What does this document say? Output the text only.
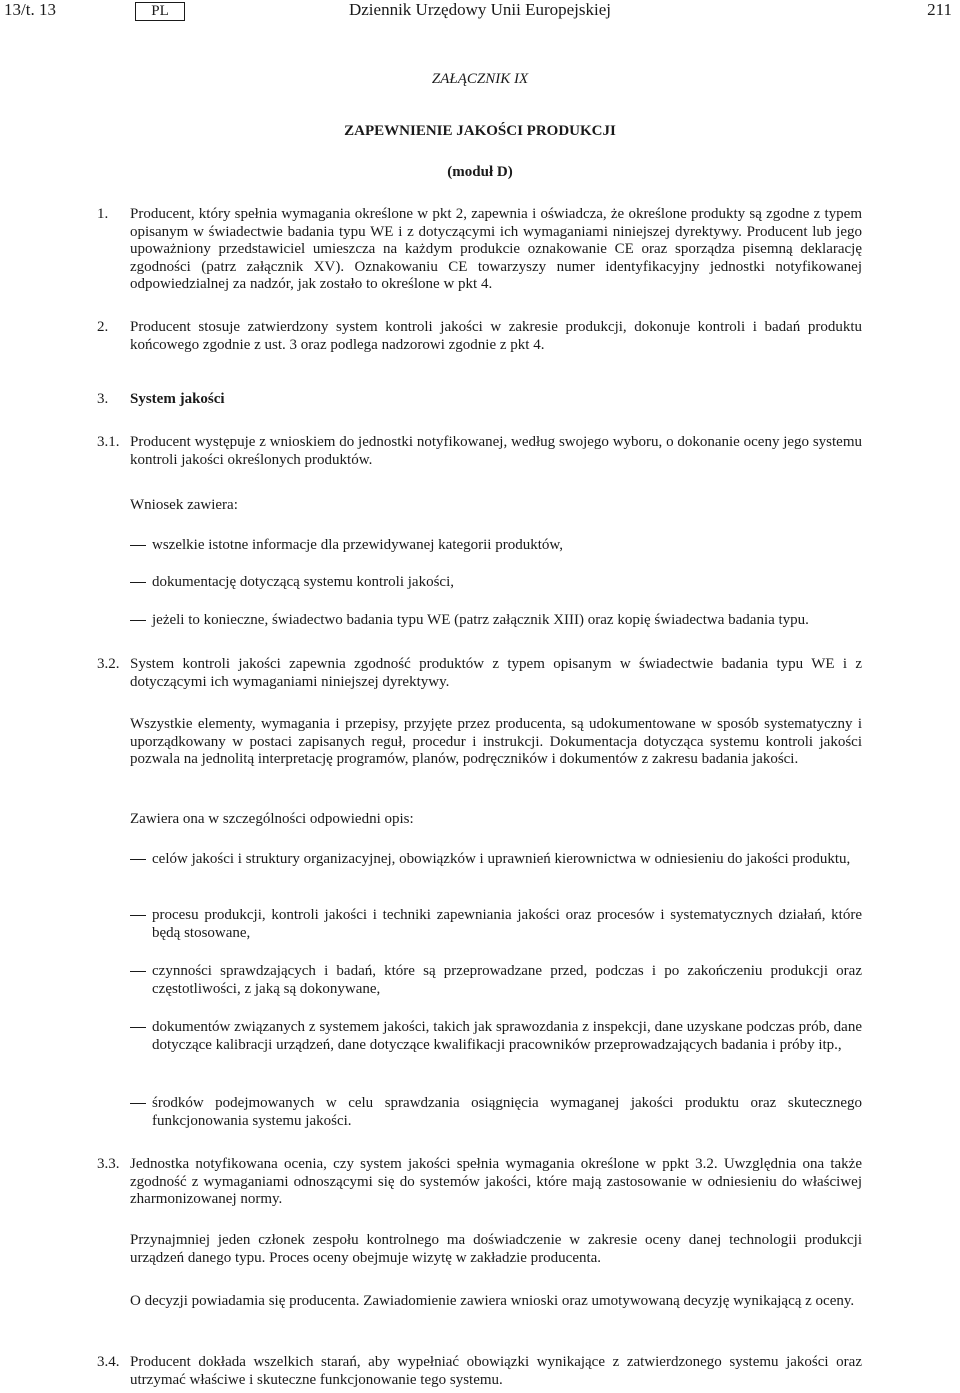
13/t. 13	Dziennik Urzędowy Unii Europejskiej
PL	211
ZAŁĄCZNIK IX
ZAPEWNIENIE JAKOŚCI PRODUKCJI
(moduł D)
1. Producent, który spełnia wymagania określone w pkt 2, zapewnia i oświadcza, że określone produkty są zgodne z typem opisanym w świadectwie badania typu WE i z dotyczącymi ich wymaganiami niniejszej dyrektywy. Producent lub jego upoważniony przedstawiciel umieszcza na każdym produkcie oznakowanie CE oraz sporządza pisemną deklarację zgodności (patrz załącznik XV). Oznakowaniu CE towarzyszy numer identyfikacyjny jednostki notyfikowanej odpowiedzialnej za nadzór, jak zostało to określone w pkt 4.

2. Producent stosuje zatwierdzony system kontroli jakości w zakresie produkcji, dokonuje kontroli i badań produktu końcowego zgodnie z ust. 3 oraz podlega nadzorowi zgodnie z pkt 4.

3. System jakości

3.1. Producent występuje z wnioskiem do jednostki notyfikowanej, według swojego wyboru, o dokonanie oceny jego systemu kontroli jakości określonych produktów.

Wniosek zawiera:

wszelkie istotne informacje dla przewidywanej kategorii produktów,
dokumentację dotyczącą systemu kontroli jakości,
jeżeli to konieczne, świadectwo badania typu WE (patrz załącznik XIII) oraz kopię świadectwa badania typu.
3.2. System kontroli jakości zapewnia zgodność produktów z typem opisanym w świadectwie badania typu WE i z dotyczącymi ich wymaganiami niniejszej dyrektywy.

Wszystkie elementy, wymagania i przepisy, przyjęte przez producenta, są udokumentowane w sposób systematyczny i uporządkowany w postaci zapisanych reguł, procedur i instrukcji. Dokumentacja dotycząca systemu kontroli jakości pozwala na jednolitą interpretację programów, planów, podręczników i dokumentów z zakresu badania jakości.

Zawiera ona w szczególności odpowiedni opis:

celów jakości i struktury organizacyjnej, obowiązków i uprawnień kierownictwa w odniesieniu do jakości produktu,
procesu produkcji, kontroli jakości i techniki zapewniania jakości oraz procesów i systematycznych działań, które będą stosowane,
czynności sprawdzających i badań, które są przeprowadzane przed, podczas i po zakończeniu produkcji oraz częstotliwości, z jaką są dokonywane,
dokumentów związanych z systemem jakości, takich jak sprawozdania z inspekcji, dane uzyskane podczas prób, dane dotyczące kalibracji urządzeń, dane dotyczące kwalifikacji pracowników przeprowadzających badania i próby itp.,
środków podejmowanych w celu sprawdzania osiągnięcia wymaganej jakości produktu oraz skutecznego funkcjonowania systemu jakości.
3.3. Jednostka notyfikowana ocenia, czy system jakości spełnia wymagania określone w ppkt 3.2. Uwzględnia ona także zgodność z wymaganiami odnoszącymi się do systemów jakości, które mają zastosowanie w odniesieniu do właściwej zharmonizowanej normy.

Przynajmniej jeden członek zespołu kontrolnego ma doświadczenie w zakresie oceny danej technologii produkcji urządzeń danego typu. Proces oceny obejmuje wizytę w zakładzie producenta.

O decyzji powiadamia się producenta. Zawiadomienie zawiera wnioski oraz umotywowaną decyzję wynikającą z oceny.

3.4. Producent dokłada wszelkich starań, aby wypełniać obowiązki wynikające z zatwierdzonego systemu jakości oraz utrzymać właściwe i skuteczne funkcjonowanie tego systemu.
